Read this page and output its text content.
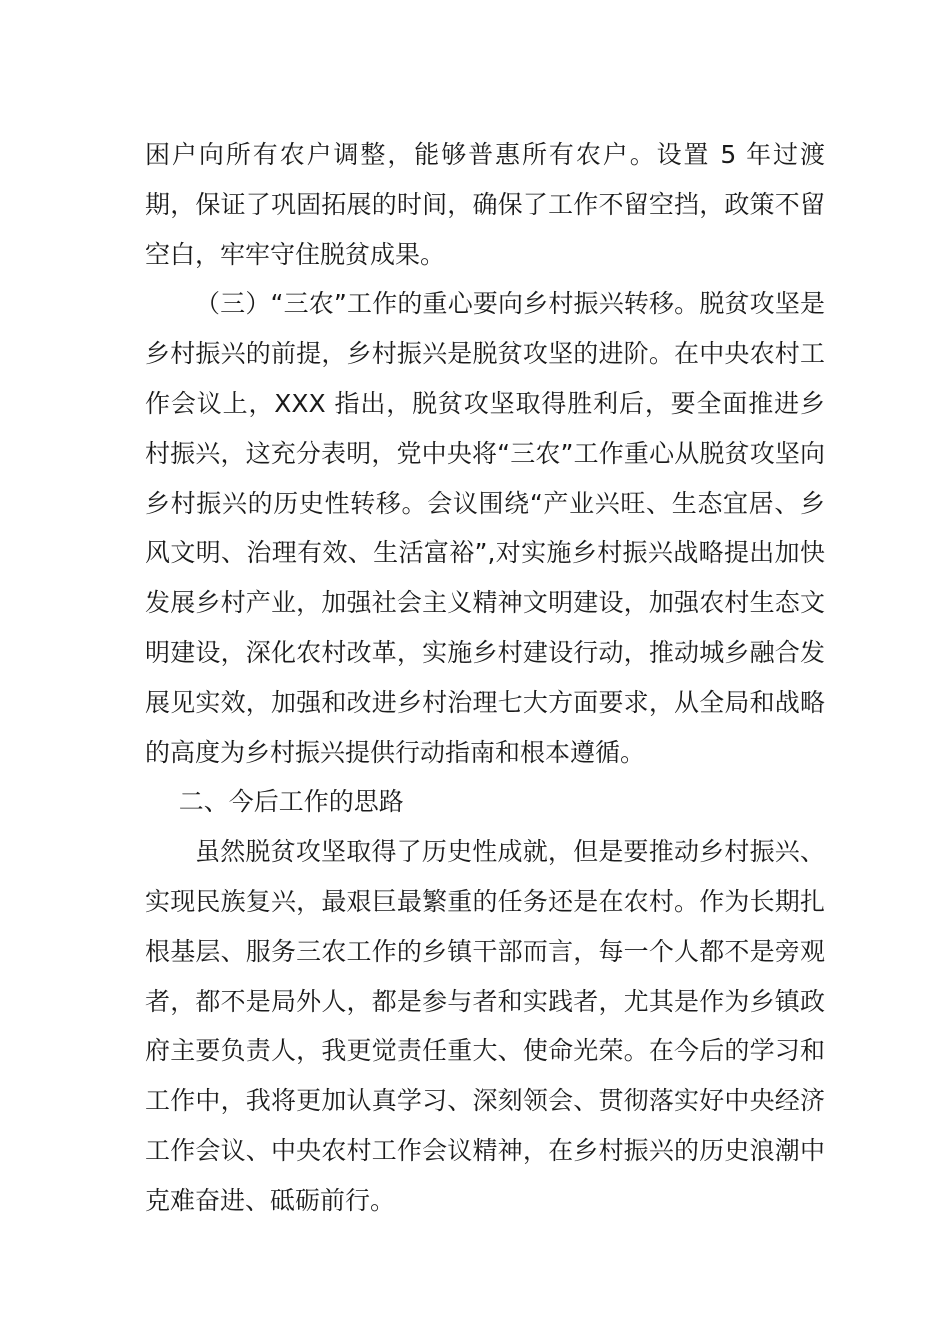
困户向所有农户调整，能够普惠所有农户。设置 5 年过渡期，保证了巩固拓展的时间，确保了工作不留空挡，政策不留空白，牢牢守住脱贫成果。

（三）“三农”工作的重心要向乡村振兴转移。脱贫攻坚是乡村振兴的前提，乡村振兴是脱贫攻坚的进阶。在中央农村工作会议上，XXX 指出，脱贫攻坚取得胜利后，要全面推进乡村振兴，这充分表明，党中央将“三农”工作重心从脱贫攻坚向乡村振兴的历史性转移。会议围绕“产业兴旺、生态宜居、乡风文明、治理有效、生活富裕”,对实施乡村振兴战略提出加快发展乡村产业，加强社会主义精神文明建设，加强农村生态文明建设，深化农村改革，实施乡村建设行动，推动城乡融合发展见实效，加强和改进乡村治理七大方面要求，从全局和战略的高度为乡村振兴提供行动指南和根本遵循。

二、今后工作的思路

虽然脱贫攻坚取得了历史性成就，但是要推动乡村振兴、实现民族复兴，最艰巨最繁重的任务还是在农村。作为长期扎根基层、服务三农工作的乡镇干部而言，每一个人都不是旁观者，都不是局外人，都是参与者和实践者，尤其是作为乡镇政府主要负责人，我更觉责任重大、使命光荣。在今后的学习和工作中，我将更加认真学习、深刻领会、贯彻落实好中央经济工作会议、中央农村工作会议精神，在乡村振兴的历史浪潮中克难奋进、砥砺前行。
